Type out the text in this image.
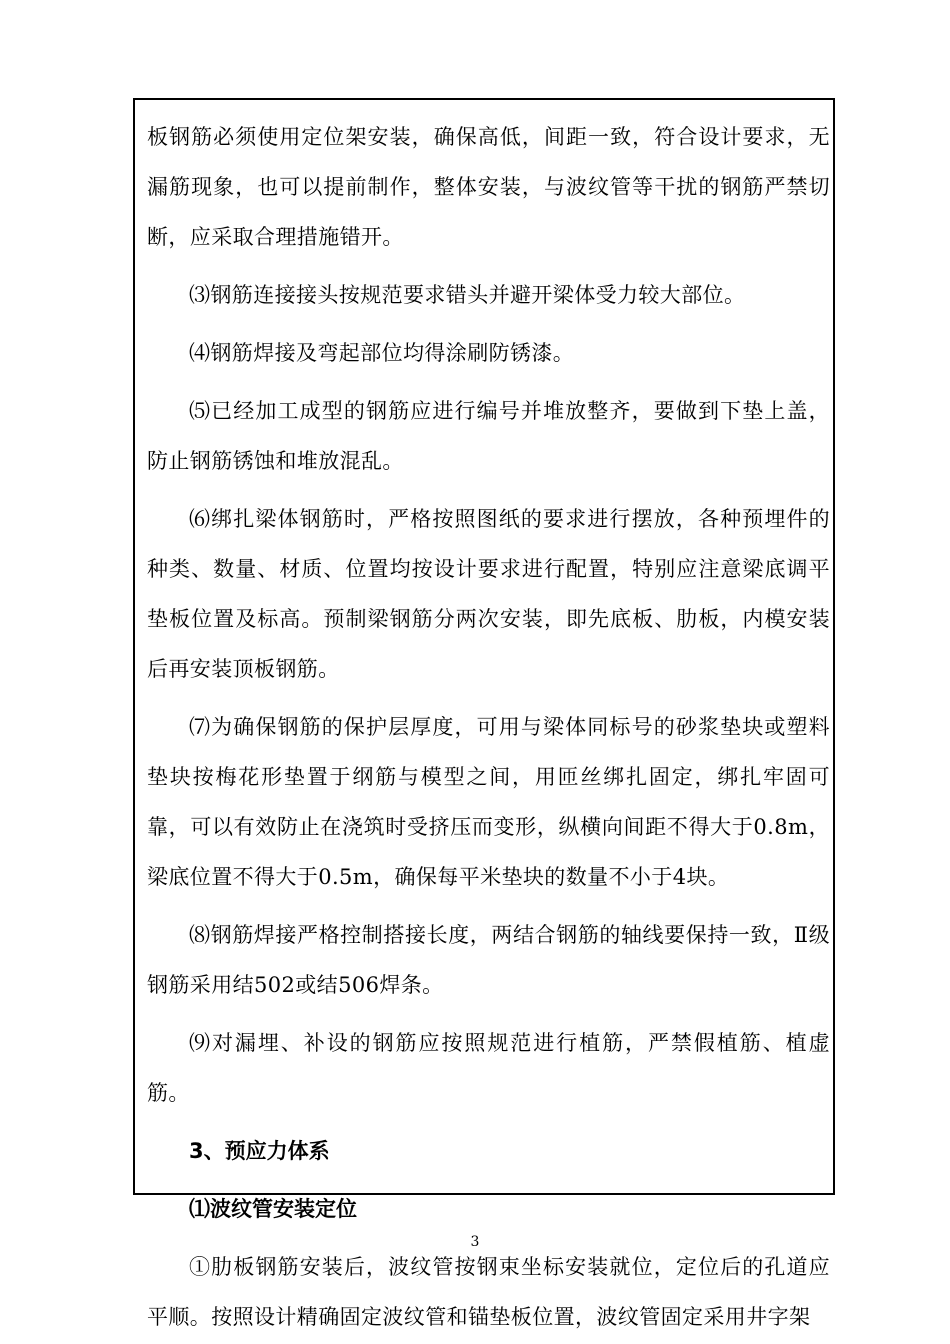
板钢筋必须使用定位架安装，确保高低，间距一致，符合设计要求，无漏筋现象，也可以提前制作，整体安装，与波纹管等干扰的钢筋严禁切断，应采取合理措施错开。

⑶钢筋连接接头按规范要求错头并避开梁体受力较大部位。

⑷钢筋焊接及弯起部位均得涂刷防锈漆。

⑸已经加工成型的钢筋应进行编号并堆放整齐，要做到下垫上盖，防止钢筋锈蚀和堆放混乱。

⑹绑扎梁体钢筋时，严格按照图纸的要求进行摆放，各种预埋件的种类、数量、材质、位置均按设计要求进行配置，特别应注意梁底调平垫板位置及标高。预制梁钢筋分两次安装，即先底板、肋板，内模安装后再安装顶板钢筋。

⑺为确保钢筋的保护层厚度，可用与梁体同标号的砂浆垫块或塑料垫块按梅花形垫置于纲筋与模型之间，用匝丝绑扎固定，绑扎牢固可靠，可以有效防止在浇筑时受挤压而变形，纵横向间距不得大于0.8m，梁底位置不得大于0.5m，确保每平米垫块的数量不小于4块。

⑻钢筋焊接严格控制搭接长度，两结合钢筋的轴线要保持一致，Ⅱ级钢筋采用结502或结506焊条。

⑼对漏埋、补设的钢筋应按照规范进行植筋，严禁假植筋、植虚筋。

3、预应力体系
⑴波纹管安装定位

①肋板钢筋安装后，波纹管按钢束坐标安装就位，定位后的孔道应平顺。按照设计精确固定波纹管和锚垫板位置，波纹管固定采用井字架

3
